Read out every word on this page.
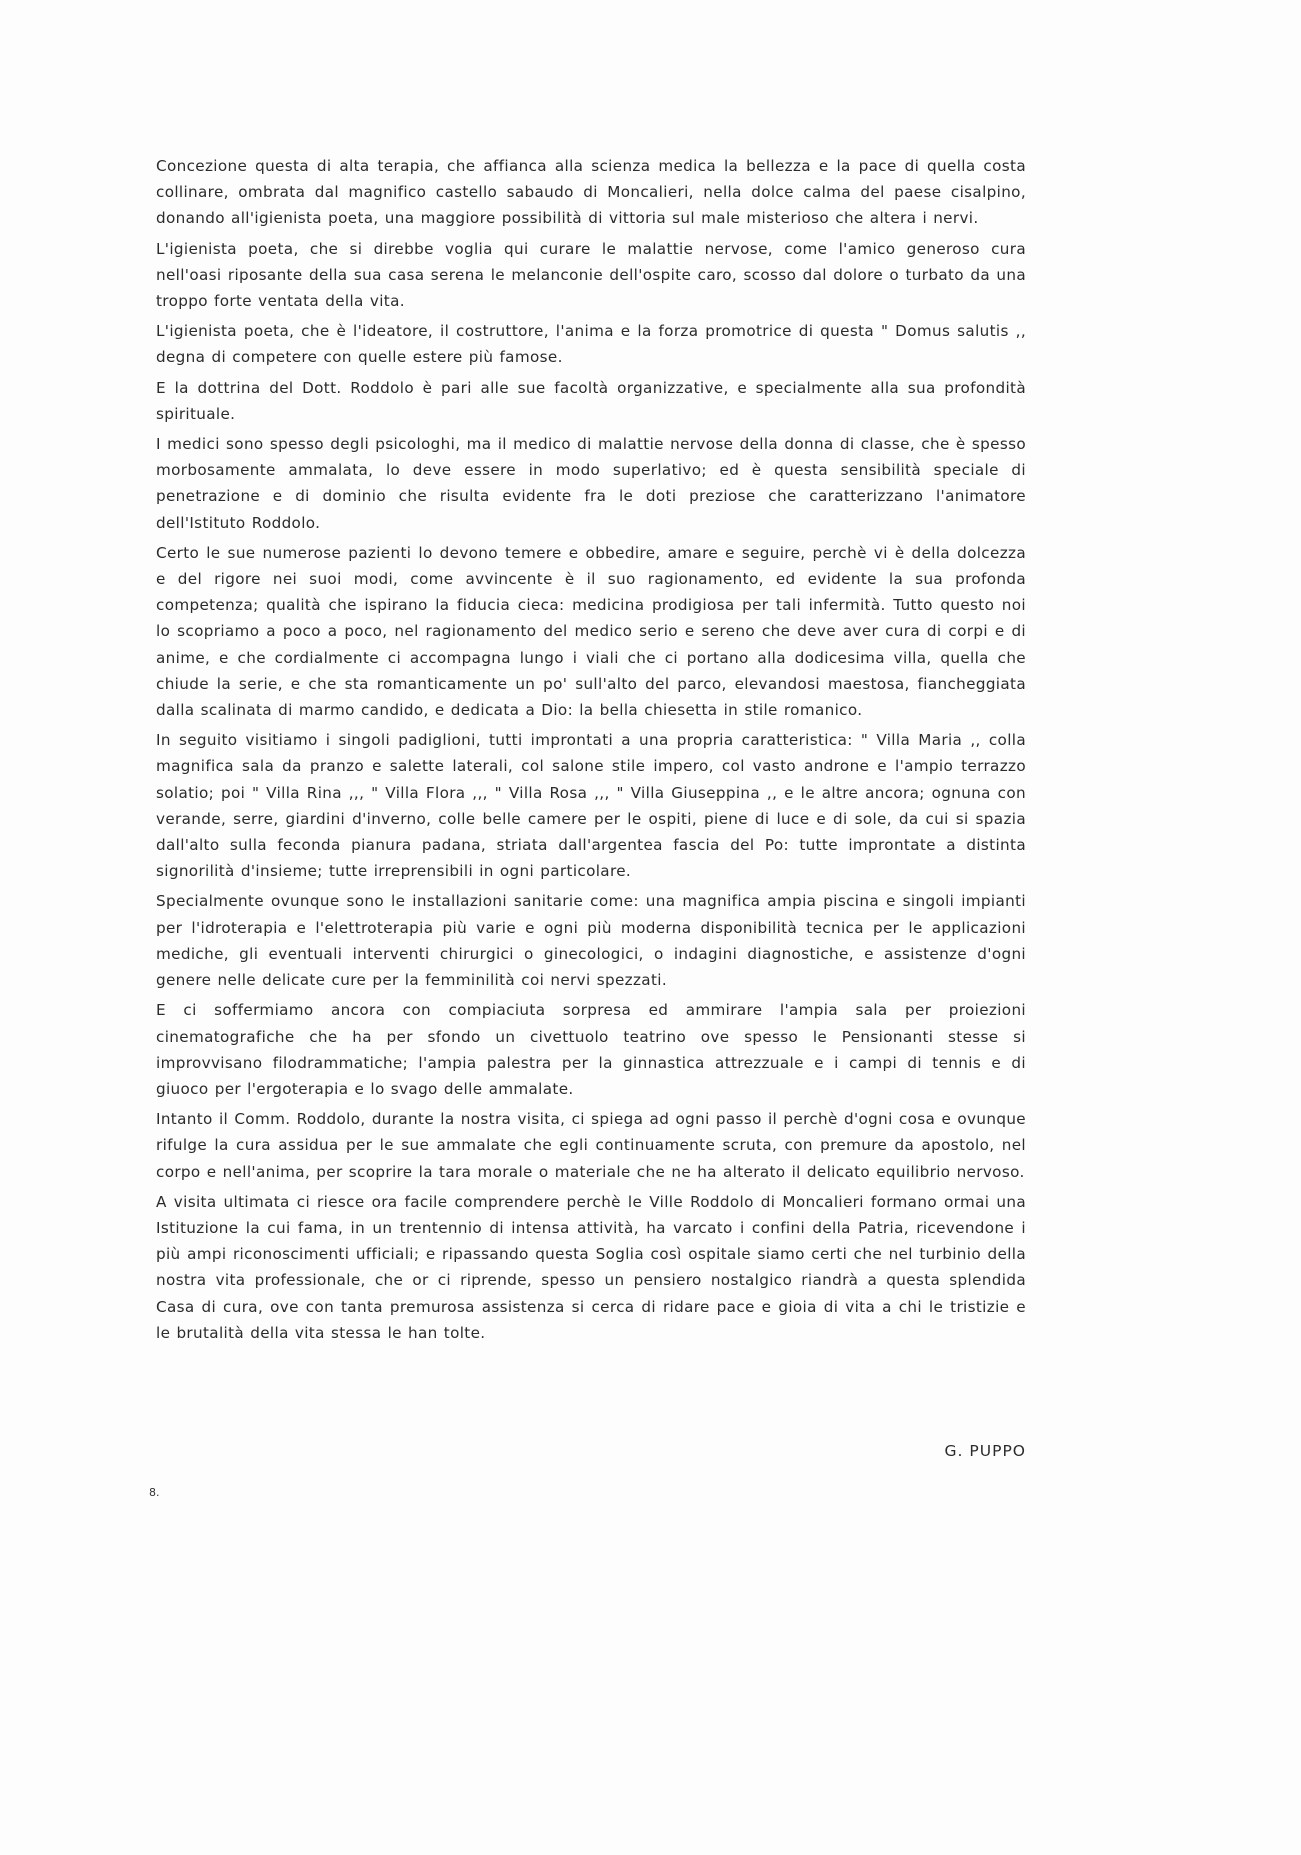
Concezione questa di alta terapia, che affianca alla scienza medica la bellezza e la pace di quella costa collinare, ombrata dal magnifico castello sabaudo di Moncalieri, nella dolce calma del paese cisalpino, donando all'igienista poeta, una maggiore possibilità di vittoria sul male misterioso che altera i nervi.

L'igienista poeta, che si direbbe voglia qui curare le malattie nervose, come l'amico generoso cura nell'oasi riposante della sua casa serena le melanconie dell'ospite caro, scosso dal dolore o turbato da una troppo forte ventata della vita.

L'igienista poeta, che è l'ideatore, il costruttore, l'anima e la forza promotrice di questa " Domus salutis ,, degna di competere con quelle estere più famose.

E la dottrina del Dott. Roddolo è pari alle sue facoltà organizzative, e specialmente alla sua profondità spirituale.

I medici sono spesso degli psicologhi, ma il medico di malattie nervose della donna di classe, che è spesso morbosamente ammalata, lo deve essere in modo superlativo; ed è questa sensibilità speciale di penetrazione e di dominio che risulta evidente fra le doti preziose che caratterizzano l'animatore dell'Istituto Roddolo.

Certo le sue numerose pazienti lo devono temere e obbedire, amare e seguire, perchè vi è della dolcezza e del rigore nei suoi modi, come avvincente è il suo ragionamento, ed evidente la sua profonda competenza; qualità che ispirano la fiducia cieca: medicina prodigiosa per tali infermità. Tutto questo noi lo scopriamo a poco a poco, nel ragionamento del medico serio e sereno che deve aver cura di corpi e di anime, e che cordialmente ci accompagna lungo i viali che ci portano alla dodicesima villa, quella che chiude la serie, e che sta romanticamente un po' sull'alto del parco, elevandosi maestosa, fiancheggiata dalla scalinata di marmo candido, e dedicata a Dio: la bella chiesetta in stile romanico.

In seguito visitiamo i singoli padiglioni, tutti improntati a una propria caratteristica: " Villa Maria ,, colla magnifica sala da pranzo e salette laterali, col salone stile impero, col vasto androne e l'ampio terrazzo solatio; poi " Villa Rina ,,, " Villa Flora ,,, " Villa Rosa ,,, " Villa Giuseppina ,, e le altre ancora; ognuna con verande, serre, giardini d'inverno, colle belle camere per le ospiti, piene di luce e di sole, da cui si spazia dall'alto sulla feconda pianura padana, striata dall'argentea fascia del Po: tutte improntate a distinta signorilità d'insieme; tutte irreprensibili in ogni particolare.

Specialmente ovunque sono le installazioni sanitarie come: una magnifica ampia piscina e singoli impianti per l'idroterapia e l'elettroterapia più varie e ogni più moderna disponibilità tecnica per le applicazioni mediche, gli eventuali interventi chirurgici o ginecologici, o indagini diagnostiche, e assistenze d'ogni genere nelle delicate cure per la femminilità coi nervi spezzati.

E ci soffermiamo ancora con compiaciuta sorpresa ed ammirare l'ampia sala per proiezioni cinematografiche che ha per sfondo un civettuolo teatrino ove spesso le Pensionanti stesse si improvvisano filodrammatiche; l'ampia palestra per la ginnastica attrezzuale e i campi di tennis e di giuoco per l'ergoterapia e lo svago delle ammalate.

Intanto il Comm. Roddolo, durante la nostra visita, ci spiega ad ogni passo il perchè d'ogni cosa e ovunque rifulge la cura assidua per le sue ammalate che egli continuamente scruta, con premure da apostolo, nel corpo e nell'anima, per scoprire la tara morale o materiale che ne ha alterato il delicato equilibrio nervoso.

A visita ultimata ci riesce ora facile comprendere perchè le Ville Roddolo di Moncalieri formano ormai una Istituzione la cui fama, in un trentennio di intensa attività, ha varcato i confini della Patria, ricevendone i più ampi riconoscimenti ufficiali; e ripassando questa Soglia così ospitale siamo certi che nel turbinio della nostra vita professionale, che or ci riprende, spesso un pensiero nostalgico riandrà a questa splendida Casa di cura, ove con tanta premurosa assistenza si cerca di ridare pace e gioia di vita a chi le tristizie e le brutalità della vita stessa le han tolte.

G. PUPPO
8.
